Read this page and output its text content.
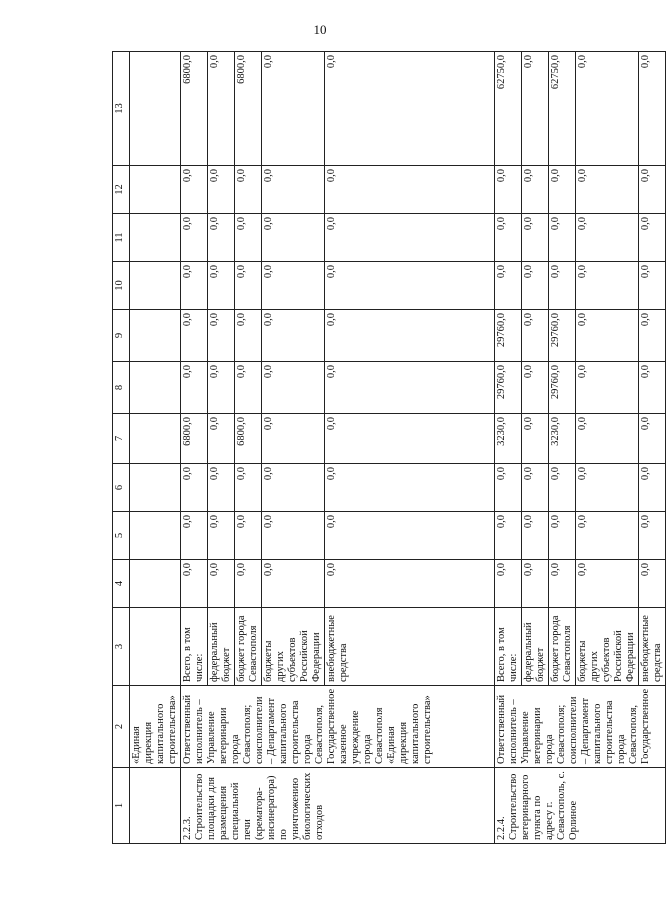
10
1	2	3	4	5	6	7	8	9	10	11	12	13
	«Единая дирекция капитального строительства»											
2.2.3. Строительство площадки для размещения специальной печи (крематора-инсинератора) по уничтожению биологических отходов	Ответственный исполнитель – Управление ветеринарии города Севастополя; соисполнители – Департамент капитального строительства города Севастополя, Государственное казенное учреждение города Севастополя «Единая дирекция капитального строительства»	Всего, в том числе:	0,0	0,0	0,0	6800,0	0,0	0,0	0,0	0,0	0,0	6800,0
		федеральный бюджет	0,0	0,0	0,0	0,0	0,0	0,0	0,0	0,0	0,0	0,0
		бюджет города Севастополя	0,0	0,0	0,0	6800,0	0,0	0,0	0,0	0,0	0,0	6800,0
		бюджеты других субъектов Российской Федерации	0,0	0,0	0,0	0,0	0,0	0,0	0,0	0,0	0,0	0,0
		внебюджетные средства	0,0	0,0	0,0	0,0	0,0	0,0	0,0	0,0	0,0	0,0
2.2.4. Строительство ветеринарного пункта по адресу г. Севастополь, с. Орлиное	Ответственный исполнитель – Управление ветеринарии города Севастополя; соисполнители – Департамент капитального строительства города Севастополя, Государственное	Всего, в том числе:	0,0	0,0	0,0	3230,0	29760,0	29760,0	0,0	0,0	0,0	62750,0
		федеральный бюджет	0,0	0,0	0,0	0,0	0,0	0,0	0,0	0,0	0,0	0,0
		бюджет города Севастополя	0,0	0,0	0,0	3230,0	29760,0	29760,0	0,0	0,0	0,0	62750,0
		бюджеты других субъектов Российской Федерации	0,0	0,0	0,0	0,0	0,0	0,0	0,0	0,0	0,0	0,0
		внебюджетные средства	0,0	0,0	0,0	0,0	0,0	0,0	0,0	0,0	0,0	0,0
